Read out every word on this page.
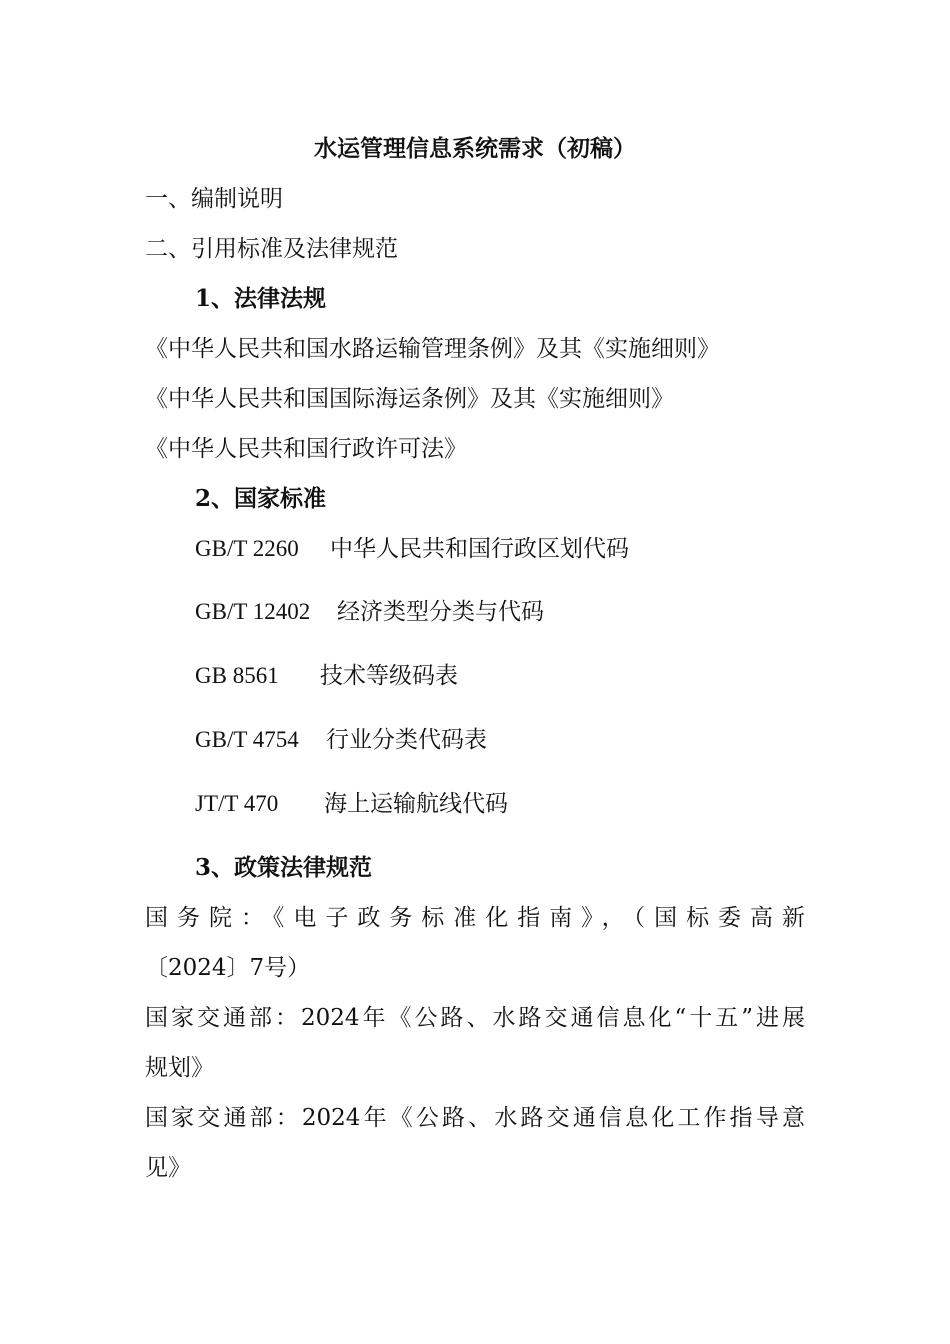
水运管理信息系统需求（初稿）
一、编制说明
二、引用标准及法律规范
1、法律法规
《中华人民共和国水路运输管理条例》及其《实施细则》
《中华人民共和国国际海运条例》及其《实施细则》
《中华人民共和国行政许可法》
2、国家标准
GB/T 2260 中华人民共和国行政区划代码
GB/T 12402 经济类型分类与代码
GB 8561 技术等级码表
GB/T 4754 行业分类代码表
JT/T 470 海上运输航线代码
3、政策法律规范
国务院：《电子政务标准化指南》，（国标委高新
〔2024〕7号）
国家交通部：2024年《公路、水路交通信息化“十五”进展
规划》
国家交通部：2024年《公路、水路交通信息化工作指导意
见》
